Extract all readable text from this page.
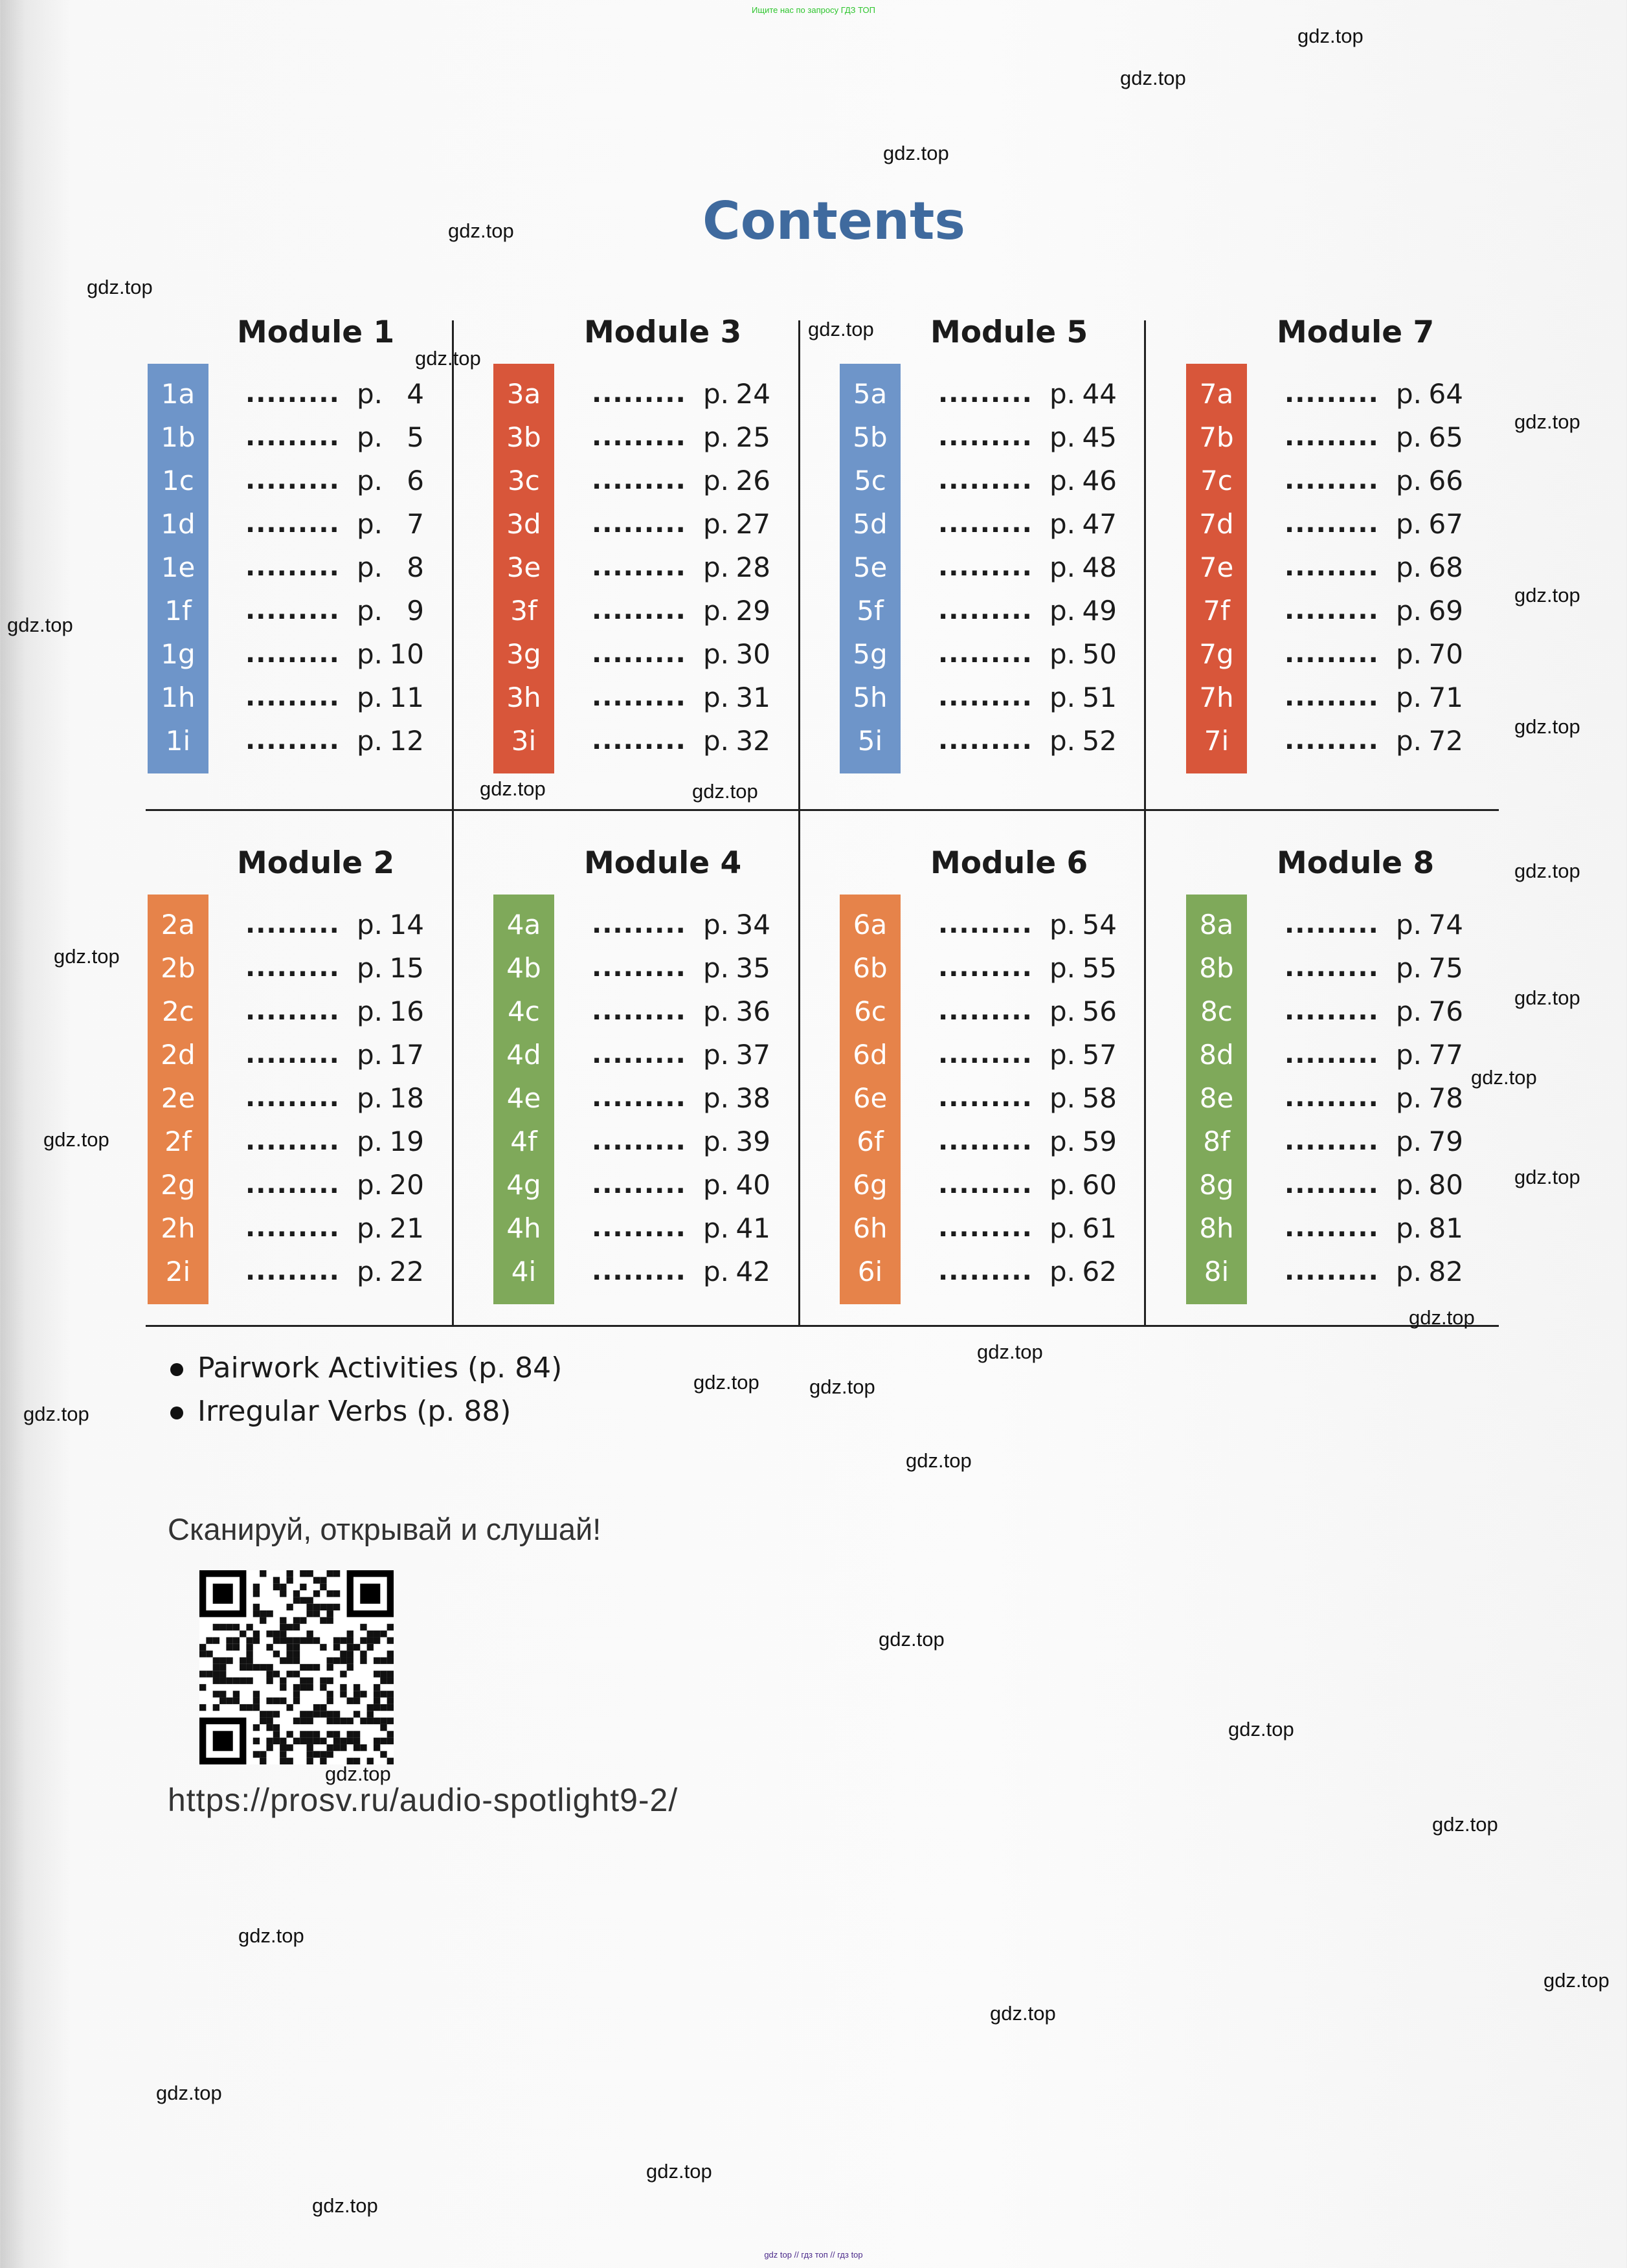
Ищите нас по запросу ГДЗ ТОП
Contents
Module 1
1a	......... p. 4
1b	......... p. 5
1c	......... p. 6
1d	......... p. 7
1e	......... p. 8
1f	......... p. 9
1g	......... p. 10
1h	......... p. 11
1i	......... p. 12
Module 3
3a	......... p. 24
3b	......... p. 25
3c	......... p. 26
3d	......... p. 27
3e	......... p. 28
3f	......... p. 29
3g	......... p. 30
3h	......... p. 31
3i	......... p. 32
Module 5
5a	......... p. 44
5b	......... p. 45
5c	......... p. 46
5d	......... p. 47
5e	......... p. 48
5f	......... p. 49
5g	......... p. 50
5h	......... p. 51
5i	......... p. 52
Module 7
7a	......... p. 64
7b	......... p. 65
7c	......... p. 66
7d	......... p. 67
7e	......... p. 68
7f	......... p. 69
7g	......... p. 70
7h	......... p. 71
7i	......... p. 72
Module 2
2a	......... p. 14
2b	......... p. 15
2c	......... p. 16
2d	......... p. 17
2e	......... p. 18
2f	......... p. 19
2g	......... p. 20
2h	......... p. 21
2i	......... p. 22
Module 4
4a	......... p. 34
4b	......... p. 35
4c	......... p. 36
4d	......... p. 37
4e	......... p. 38
4f	......... p. 39
4g	......... p. 40
4h	......... p. 41
4i	......... p. 42
Module 6
6a	......... p. 54
6b	......... p. 55
6c	......... p. 56
6d	......... p. 57
6e	......... p. 58
6f	......... p. 59
6g	......... p. 60
6h	......... p. 61
6i	......... p. 62
Module 8
8a	......... p. 74
8b	......... p. 75
8c	......... p. 76
8d	......... p. 77
8e	......... p. 78
8f	......... p. 79
8g	......... p. 80
8h	......... p. 81
8i	......... p. 82
Pairwork Activities (p. 84)
Irregular Verbs (p. 88)
Сканируй, открывай и слушай!
https://prosv.ru/audio-spotlight9-2/
gdz.top
gdz.top
gdz.top
gdz.top
gdz.top
gdz.top
gdz.top
gdz.top
gdz.top
gdz.top
gdz.top
gdz.top	gdz.top
gdz.top
gdz.top
gdz.top
gdz.top
gdz.top
gdz.top
gdz.top
gdz.top
gdz.top
gdz.top
gdz.top
gdz.top
gdz.top
gdz.top
gdz.top
gdz.top
gdz.top
gdz.top
gdz.top
gdz.top
gdz.top
gdz.top
gdz top // гдз топ // гдз top
